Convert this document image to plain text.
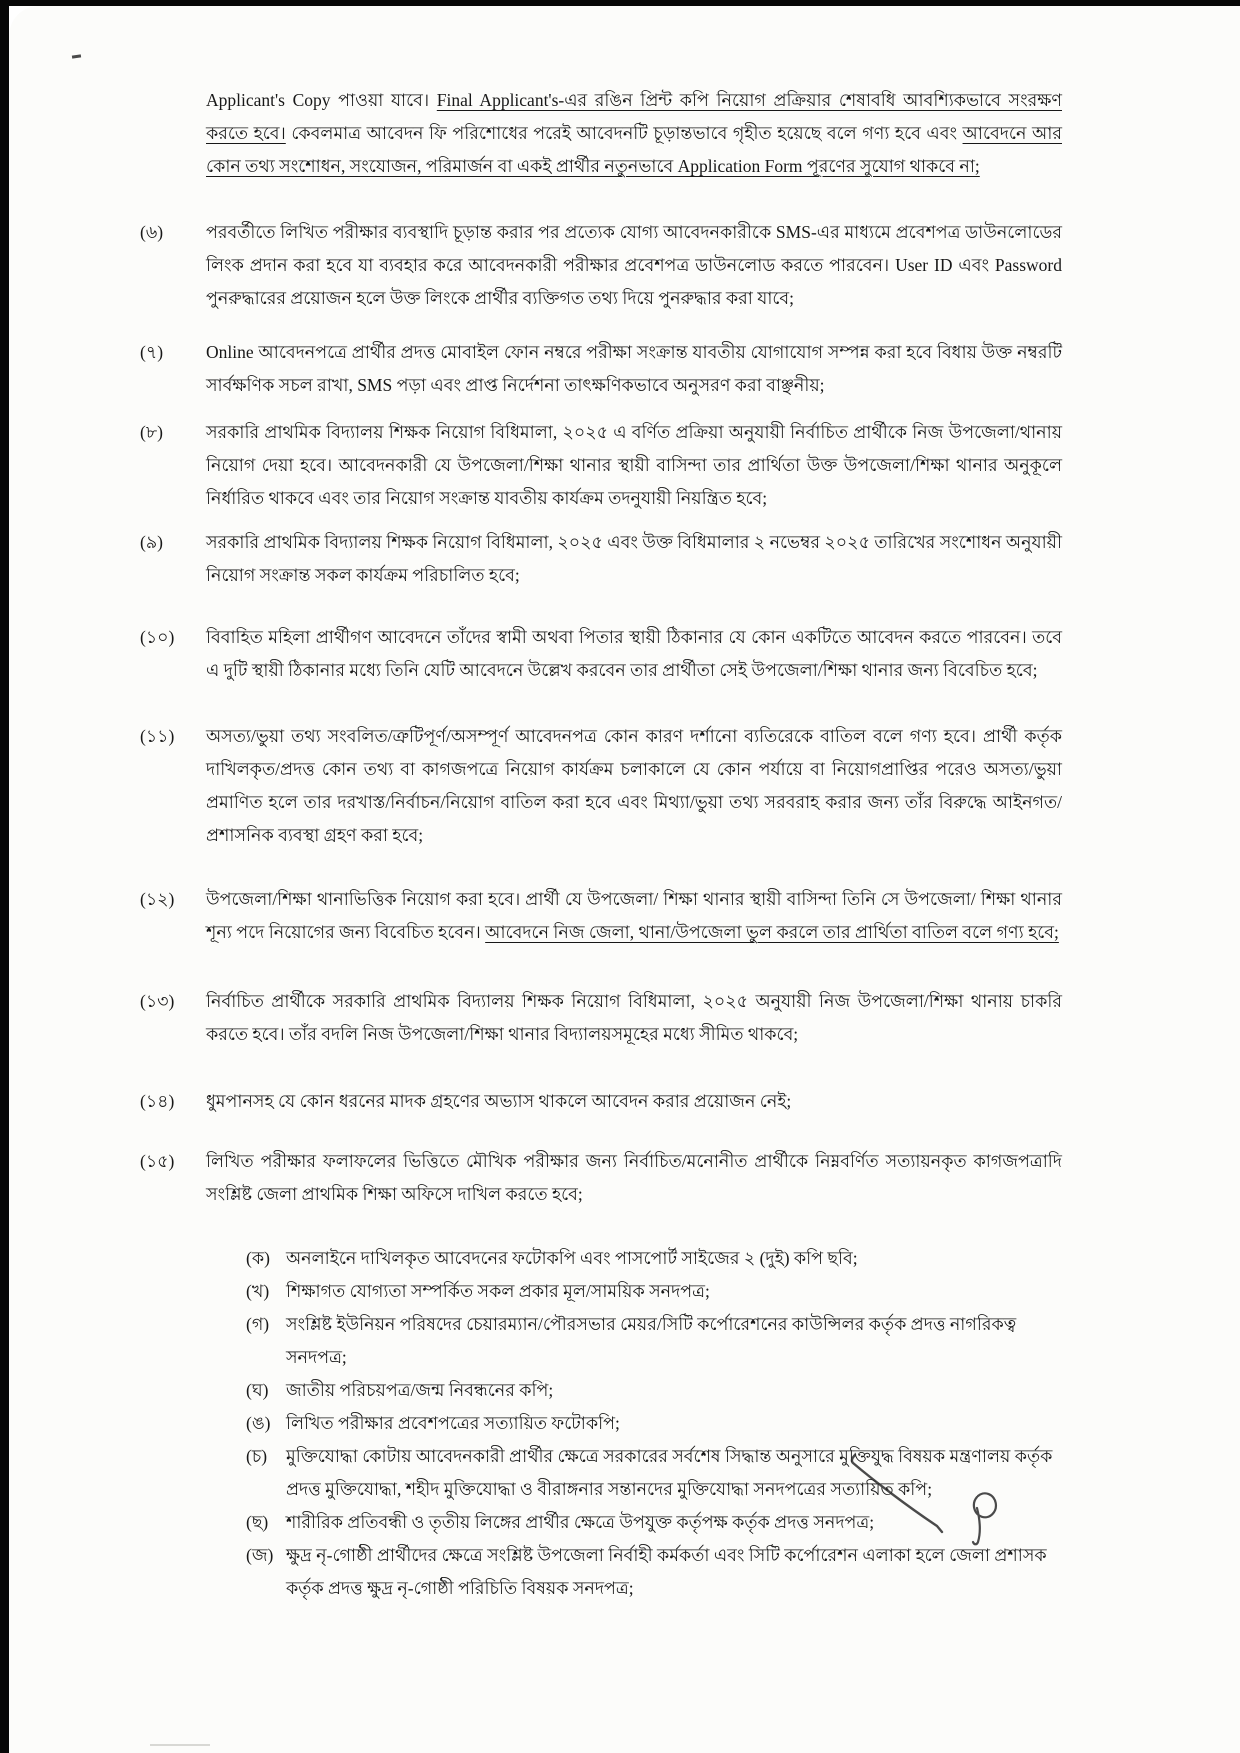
Applicant's Copy পাওয়া যাবে। Final Applicant's-এর রঙিন প্রিন্ট কপি নিয়োগ প্রক্রিয়ার শেষাবধি আবশ্যিকভাবে সংরক্ষণ করতে হবে। কেবলমাত্র আবেদন ফি পরিশোধের পরেই আবেদনটি চূড়ান্তভাবে গৃহীত হয়েছে বলে গণ্য হবে এবং আবেদনে আর কোন তথ্য সংশোধন, সংযোজন, পরিমার্জন বা একই প্রার্থীর নতুনভাবে Application Form পূরণের সুযোগ থাকবে না;

(৬)	পরবর্তীতে লিখিত পরীক্ষার ব্যবস্থাদি চূড়ান্ত করার পর প্রত্যেক যোগ্য আবেদনকারীকে SMS-এর মাধ্যমে প্রবেশপত্র ডাউনলোডের লিংক প্রদান করা হবে যা ব্যবহার করে আবেদনকারী পরীক্ষার প্রবেশপত্র ডাউনলোড করতে পারবেন। User ID এবং Password পুনরুদ্ধারের প্রয়োজন হলে উক্ত লিংকে প্রার্থীর ব্যক্তিগত তথ্য দিয়ে পুনরুদ্ধার করা যাবে;

(৭)	Online আবেদনপত্রে প্রার্থীর প্রদত্ত মোবাইল ফোন নম্বরে পরীক্ষা সংক্রান্ত যাবতীয় যোগাযোগ সম্পন্ন করা হবে বিধায় উক্ত নম্বরটি সার্বক্ষণিক সচল রাখা, SMS পড়া এবং প্রাপ্ত নির্দেশনা তাৎক্ষণিকভাবে অনুসরণ করা বাঞ্ছনীয়;

(৮)	সরকারি প্রাথমিক বিদ্যালয় শিক্ষক নিয়োগ বিধিমালা, ২০২৫ এ বর্ণিত প্রক্রিয়া অনুযায়ী নির্বাচিত প্রার্থীকে নিজ উপজেলা/থানায় নিয়োগ দেয়া হবে। আবেদনকারী যে উপজেলা/শিক্ষা থানার স্থায়ী বাসিন্দা তার প্রার্থিতা উক্ত উপজেলা/শিক্ষা থানার অনুকূলে নির্ধারিত থাকবে এবং তার নিয়োগ সংক্রান্ত যাবতীয় কার্যক্রম তদনুযায়ী নিয়ন্ত্রিত হবে;

(৯)	সরকারি প্রাথমিক বিদ্যালয় শিক্ষক নিয়োগ বিধিমালা, ২০২৫ এবং উক্ত বিধিমালার ২ নভেম্বর ২০২৫ তারিখের সংশোধন অনুযায়ী নিয়োগ সংক্রান্ত সকল কার্যক্রম পরিচালিত হবে;

(১০)	বিবাহিত মহিলা প্রার্থীগণ আবেদনে তাঁদের স্বামী অথবা পিতার স্থায়ী ঠিকানার যে কোন একটিতে আবেদন করতে পারবেন। তবে এ দুটি স্থায়ী ঠিকানার মধ্যে তিনি যেটি আবেদনে উল্লেখ করবেন তার প্রার্থীতা সেই উপজেলা/শিক্ষা থানার জন্য বিবেচিত হবে;

(১১)	অসত্য/ভুয়া তথ্য সংবলিত/ত্রুটিপূর্ণ/অসম্পূর্ণ আবেদনপত্র কোন কারণ দর্শানো ব্যতিরেকে বাতিল বলে গণ্য হবে। প্রার্থী কর্তৃক দাখিলকৃত/প্রদত্ত কোন তথ্য বা কাগজপত্রে নিয়োগ কার্যক্রম চলাকালে যে কোন পর্যায়ে বা নিয়োগপ্রাপ্তির পরেও অসত্য/ভুয়া প্রমাণিত হলে তার দরখাস্ত/নির্বাচন/নিয়োগ বাতিল করা হবে এবং মিথ্যা/ভুয়া তথ্য সরবরাহ করার জন্য তাঁর বিরুদ্ধে আইনগত/প্রশাসনিক ব্যবস্থা গ্রহণ করা হবে;

(১২)	উপজেলা/শিক্ষা থানাভিত্তিক নিয়োগ করা হবে। প্রার্থী যে উপজেলা/ শিক্ষা থানার স্থায়ী বাসিন্দা তিনি সে উপজেলা/ শিক্ষা থানার শূন্য পদে নিয়োগের জন্য বিবেচিত হবেন। আবেদনে নিজ জেলা, থানা/উপজেলা ভুল করলে তার প্রার্থিতা বাতিল বলে গণ্য হবে;

(১৩)	নির্বাচিত প্রার্থীকে সরকারি প্রাথমিক বিদ্যালয় শিক্ষক নিয়োগ বিধিমালা, ২০২৫ অনুযায়ী নিজ উপজেলা/শিক্ষা থানায় চাকরি করতে হবে। তাঁর বদলি নিজ উপজেলা/শিক্ষা থানার বিদ্যালয়সমূহের মধ্যে সীমিত থাকবে;

(১৪)	ধুমপানসহ যে কোন ধরনের মাদক গ্রহণের অভ্যাস থাকলে আবেদন করার প্রয়োজন নেই;

(১৫)	লিখিত পরীক্ষার ফলাফলের ভিত্তিতে মৌখিক পরীক্ষার জন্য নির্বাচিত/মনোনীত প্রার্থীকে নিম্নবর্ণিত সত্যায়নকৃত কাগজপত্রাদি সংশ্লিষ্ট জেলা প্রাথমিক শিক্ষা অফিসে দাখিল করতে হবে;

(ক) অনলাইনে দাখিলকৃত আবেদনের ফটোকপি এবং পাসপোর্ট সাইজের ২ (দুই) কপি ছবি;

(খ) শিক্ষাগত যোগ্যতা সম্পর্কিত সকল প্রকার মূল/সাময়িক সনদপত্র;

(গ) সংশ্লিষ্ট ইউনিয়ন পরিষদের চেয়ারম্যান/পৌরসভার মেয়র/সিটি কর্পোরেশনের কাউন্সিলর কর্তৃক প্রদত্ত নাগরিকত্ব সনদপত্র;

(ঘ)	জাতীয় পরিচয়পত্র/জন্ম নিবন্ধনের কপি;

(ঙ) লিখিত পরীক্ষার প্রবেশপত্রের সত্যায়িত ফটোকপি;

(চ)	মুক্তিযোদ্ধা কোটায় আবেদনকারী প্রার্থীর ক্ষেত্রে সরকারের সর্বশেষ সিদ্ধান্ত অনুসারে মুক্তিযুদ্ধ বিষয়ক মন্ত্রণালয় কর্তৃক প্রদত্ত মুক্তিযোদ্ধা, শহীদ মুক্তিযোদ্ধা ও বীরাঙ্গনার সন্তানদের মুক্তিযোদ্ধা সনদপত্রের সত্যায়িত কপি;

(ছ)	শারীরিক প্রতিবন্ধী ও তৃতীয় লিঙ্গের প্রার্থীর ক্ষেত্রে উপযুক্ত কর্তৃপক্ষ কর্তৃক প্রদত্ত সনদপত্র;

(জ) ক্ষুদ্র নৃ-গোষ্ঠী প্রার্থীদের ক্ষেত্রে সংশ্লিষ্ট উপজেলা নির্বাহী কর্মকর্তা এবং সিটি কর্পোরেশন এলাকা হলে জেলা প্রশাসক কর্তৃক প্রদত্ত ক্ষুদ্র নৃ-গোষ্ঠী পরিচিতি বিষয়ক সনদপত্র;
